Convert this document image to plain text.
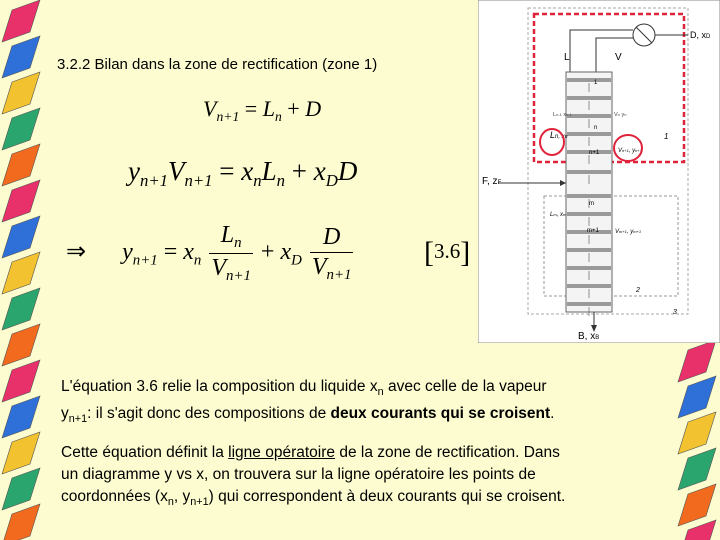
3.2.2 Bilan dans la zone de rectification (zone 1)
$V_{n+1} = L_n + D$
$y_{n+1}V_{n+1} = x_nL_n + x_DD$
⇒ $y_{n+1} = x_n \frac{L_n}{V_{n+1}} + x_D \frac{D}{V_{n+1}} [3.6]$
L'équation 3.6 relie la composition du liquide $x_n$ avec celle de la vapeur
$y_{n+1}$: il s'agit donc des compositions de deux courants qui se croisent.
Cette équation définit la ligne opératoire de la zone de rectification. Dans
un diagramme y vs x, on trouvera sur la ligne opératoire les points de
coordonnées ($x_n$, $y_{n+1}$) qui correspondent à deux courants qui se croisent.
D, xD
L	V
1
n
n+1
m
m+1
Ln-1 xn-1	Vn yn
Ln, xn
Vn+1, yn+1
1
F, zF
Lm, xm
Vm+1, ym+1
2
3
B, xB
